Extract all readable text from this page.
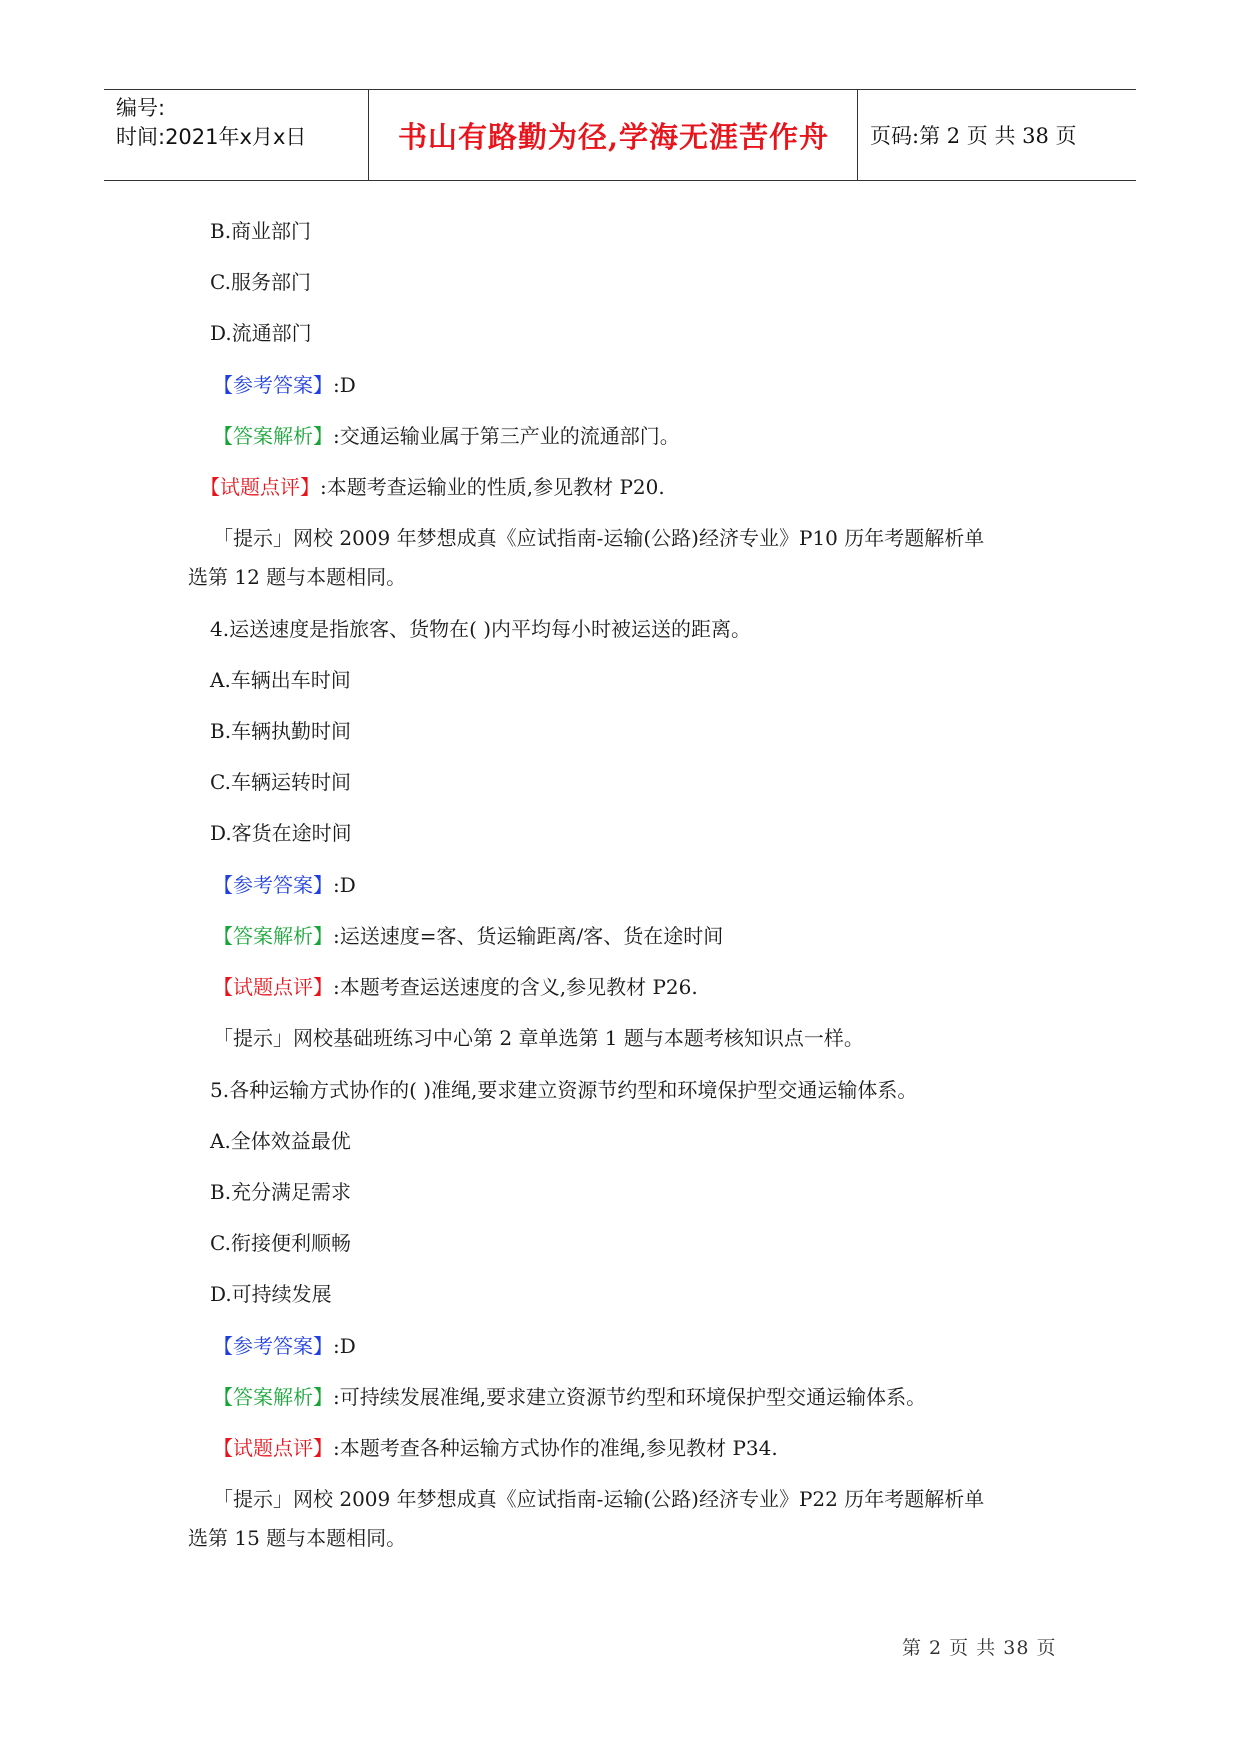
编号:
时间:2021年x月x日	书山有路勤为径,学海无涯苦作舟	页码:第 2 页 共 38 页
B.商业部门
C.服务部门
D.流通部门
【参考答案】:D
【答案解析】:交通运输业属于第三产业的流通部门。
【试题点评】:本题考查运输业的性质,参见教材 P20.
「提示」网校 2009 年梦想成真《应试指南-运输(公路)经济专业》P10 历年考题解析单
选第 12 题与本题相同。
4.运送速度是指旅客、货物在( )内平均每小时被运送的距离。
A.车辆出车时间
B.车辆执勤时间
C.车辆运转时间
D.客货在途时间
【参考答案】:D
【答案解析】:运送速度=客、货运输距离/客、货在途时间
【试题点评】:本题考查运送速度的含义,参见教材 P26.
「提示」网校基础班练习中心第 2 章单选第 1 题与本题考核知识点一样。
5.各种运输方式协作的( )准绳,要求建立资源节约型和环境保护型交通运输体系。
A.全体效益最优
B.充分满足需求
C.衔接便利顺畅
D.可持续发展
【参考答案】:D
【答案解析】:可持续发展准绳,要求建立资源节约型和环境保护型交通运输体系。
【试题点评】:本题考查各种运输方式协作的准绳,参见教材 P34.
「提示」网校 2009 年梦想成真《应试指南-运输(公路)经济专业》P22 历年考题解析单
选第 15 题与本题相同。
第 2 页 共 38 页
